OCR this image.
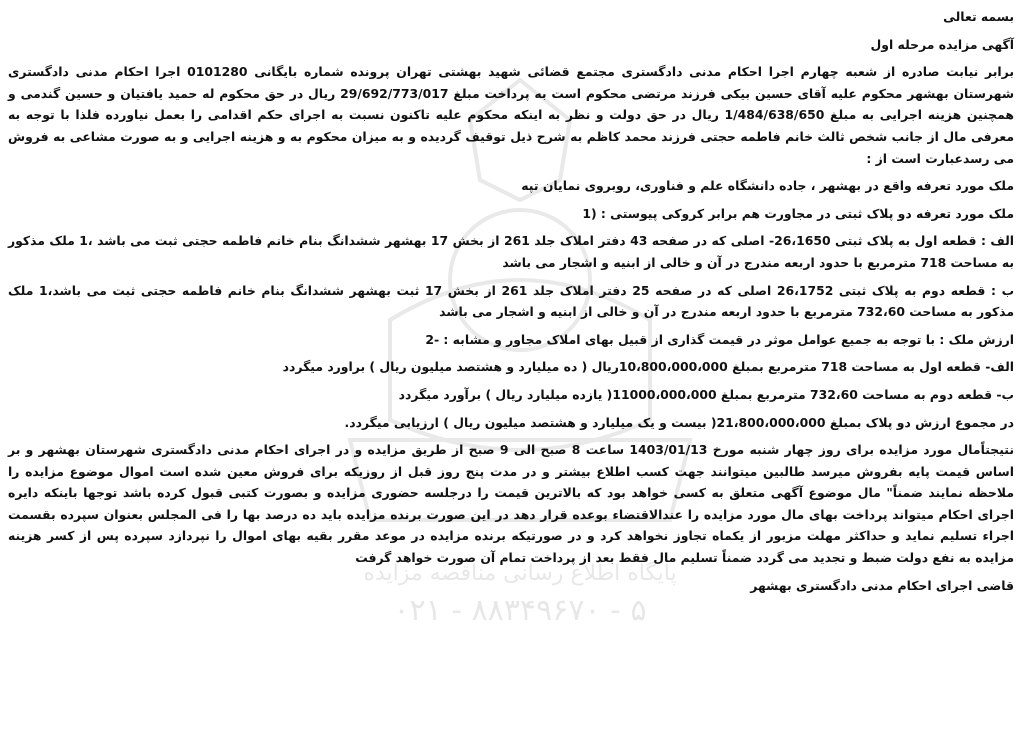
پایگاه اطلاع رسانی مناقصه مزایده
۰۲۱ - ۸۸۳۴۹۶۷۰ - ۵

بسمه تعالی

آگهی مزایده مرحله اول

برابر نیابت صادره از شعبه چهارم اجرا احکام مدنی دادگستری مجتمع قضائی شهید بهشتی تهران پرونده شماره بایگانی 0101280 اجرا احکام مدنی دادگستری شهرستان بهشهر محکوم علیه آقای حسین بیکی فرزند مرتضی محکوم است به پرداخت مبلغ 29/692/773/017 ریال در حق محکوم له حمید یافتیان و حسین گندمی و همچنین هزینه اجرایی به مبلغ 1/484/638/650 ریال در حق دولت و نظر به اینکه محکوم علیه تاکنون نسبت به اجرای حکم اقدامی را بعمل نیاورده فلذا با توجه به معرفی مال از جانب شخص ثالث خانم فاطمه حجتی فرزند محمد کاظم به شرح ذیل توقیف گردیده و به میزان محکوم به و هزینه اجرایی و به صورت مشاعی به فروش می رسدعبارت است از :

ملک مورد تعرفه واقع در بهشهر ، جاده دانشگاه علم و فناوری، روبروی نمایان تپه

ملک مورد تعرفه دو پلاک ثبتی در مجاورت هم برابر کروکی پیوستی : (1

الف : قطعه اول به پلاک ثبتی 26،1650- اصلی که در صفحه 43 دفتر املاک جلد 261 از بخش 17 بهشهر ششدانگ بنام خانم فاطمه حجتی ثبت می باشد ،1 ملک مذکور به مساحت 718 مترمربع با حدود اربعه مندرج در آن و خالی از ابنیه و اشجار می باشد

ب : قطعه دوم به پلاک ثبتی 26،1752 اصلی که در صفحه 25 دفتر املاک جلد 261 از بخش 17 ثبت بهشهر ششدانگ بنام خانم فاطمه حجتی ثبت می باشد،1 ملک مذکور به مساحت 732،60 مترمربع با حدود اربعه مندرج در آن و خالی از ابنیه و اشجار می باشد

ارزش ملک : با توجه به جمیع عوامل موثر در قیمت گذاری از قبیل بهای املاک مجاور و مشابه : -2

الف- قطعه اول به مساحت 718 مترمربع بمبلغ 10،800،000،000ریال ( ده میلیارد و هشتصد میلیون ریال ) براورد میگردد

ب- قطعه دوم به مساحت 732،60 مترمربع بمبلغ 11000،000،000( یازده میلیارد ریال ) برآورد میگردد

در مجموع ارزش دو پلاک بمبلغ 21،800،000،000( بیست و یک میلیارد و هشتصد میلیون ریال ) ارزیابی میگردد.

نتیجتاًمال مورد مزایده برای روز چهار شنبه مورخ 1403/01/13 ساعت 8 صبح الی 9 صبح از طریق مزایده و در اجرای احکام مدنی دادگستری شهرستان بهشهر و بر اساس قیمت پایه بفروش میرسد طالبین میتوانند جهت کسب اطلاع بیشتر و در مدت پنج روز قبل از روزیکه برای فروش معین شده است اموال موضوع مزایده را ملاحظه نمایند ضمناً" مال موضوع آگهی متعلق به کسی خواهد بود که بالاترین قیمت را درجلسه حضوری مزایده و بصورت کتبی قبول کرده باشد توجها باینکه دایره اجرای احکام میتواند پرداخت بهای مال مورد مزایده را عندالاقتضاء بوعده قرار دهد در این صورت برنده مزایده باید ده درصد بها را فی المجلس بعنوان سپرده بقسمت اجراء تسلیم نماید و حداکثر مهلت مزبور از یکماه تجاوز نخواهد کرد و در صورتیکه برنده مزایده در موعد مقرر بقیه بهای اموال را نپردازد سپرده پس از کسر هزینه مزایده به نفع دولت ضبط و تجدید می گردد ضمناً تسلیم مال فقط بعد از پرداخت تمام آن صورت خواهد گرفت

قاضی اجرای احکام مدنی دادگستری بهشهر
